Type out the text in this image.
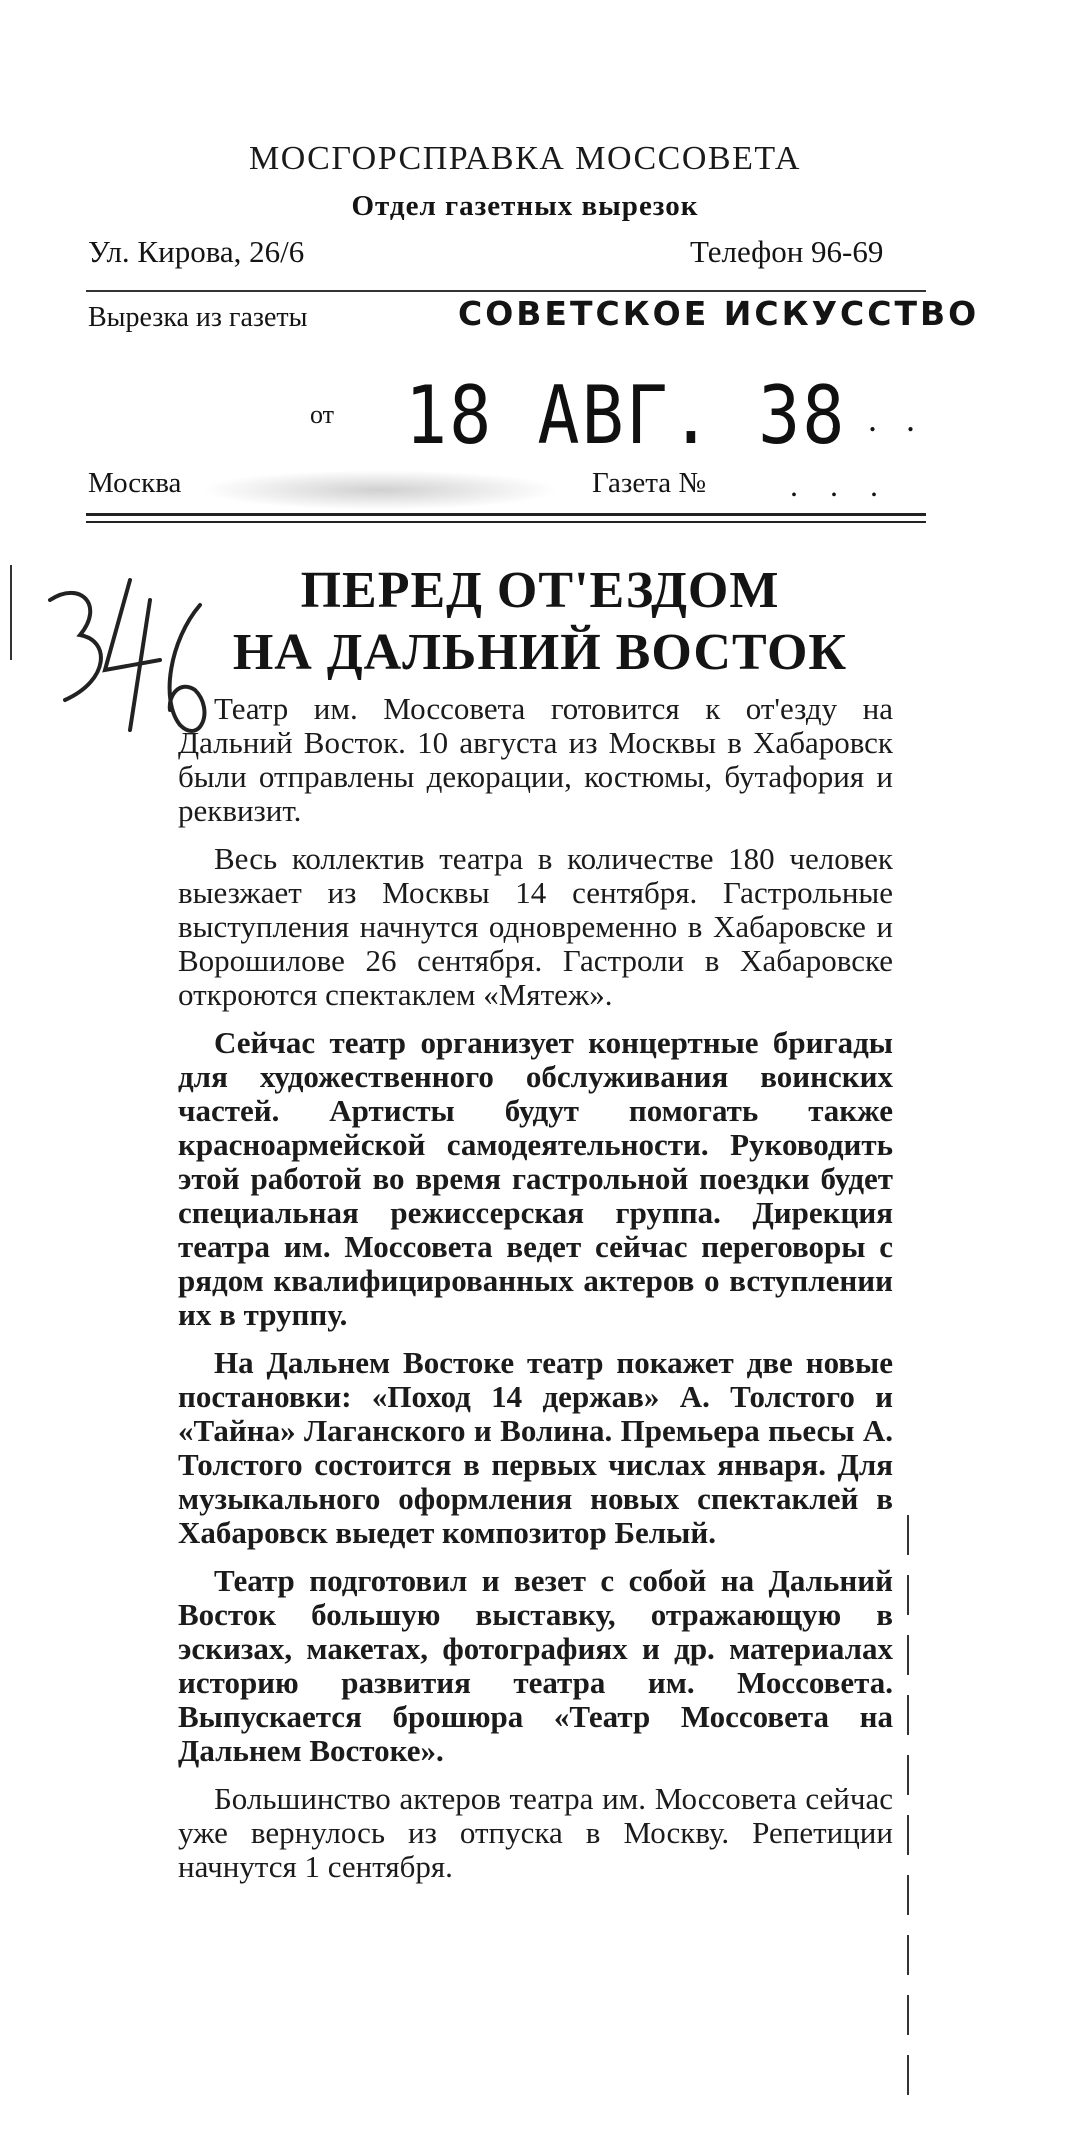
МОСГОРСПРАВКА МОССОВЕТА
Отдел газетных вырезок
Ул. Кирова, 26/6	Телефон 96-69
Вырезка из газеты	СОВЕТСКОЕ ИСКУССТВО
от 18 АВГ. 38
. . .
Москва	Газета №	. . .
ПЕРЕД ОТ'ЕЗДОМ
НА ДАЛЬНИЙ ВОСТОК

Театр им. Моссовета готовится к от'езду на Дальний Восток. 10 августа из Москвы в Хабаровск были отправлены декорации, костюмы, бутафория и реквизит.

Весь коллектив театра в количестве 180 человек выезжает из Москвы 14 сентября. Гастрольные выступления начнутся одновременно в Хабаровске и Ворошилове 26 сентября. Гастроли в Хабаровске откроются спектаклем «Мятеж».

Сейчас театр организует концертные бригады для художественного обслуживания воинских частей. Артисты будут помогать также красноармейской самодеятельности. Руководить этой работой во время гастрольной поездки будет специальная режиссерская группа. Дирекция театра им. Моссовета ведет сейчас переговоры с рядом квалифицированных актеров о вступлении их в труппу.

На Дальнем Востоке театр покажет две новые постановки: «Поход 14 держав» А. Толстого и «Тайна» Лаганского и Волина. Премьера пьесы А. Толстого состоится в первых числах января. Для музыкального оформления новых спектаклей в Хабаровск выедет композитор Белый.

Театр подготовил и везет с собой на Дальний Восток большую выставку, отражающую в эскизах, макетах, фотографиях и др. материалах историю развития театра им. Моссовета. Выпускается брошюра «Театр Моссовета на Дальнем Востоке».

Большинство актеров театра им. Моссовета сейчас уже вернулось из отпуска в Москву. Репетиции начнутся 1 сентября.
